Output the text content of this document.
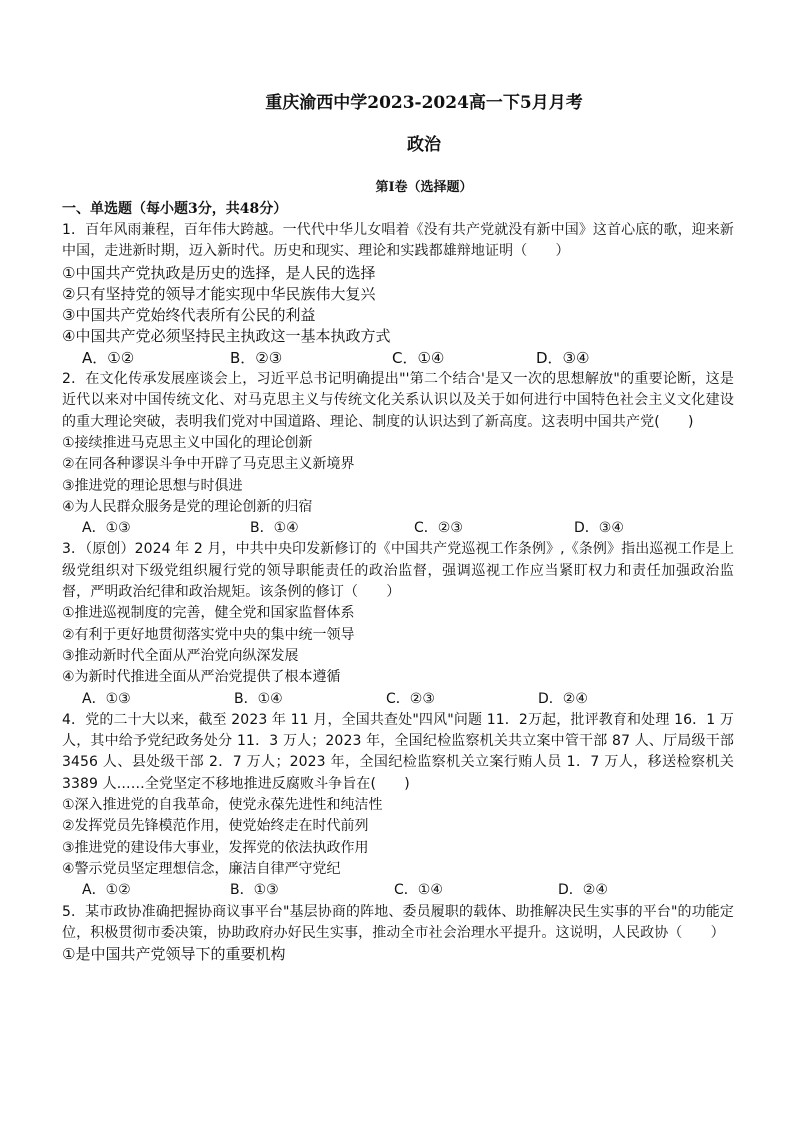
重庆渝西中学2023-2024高一下5月月考
政治
第Ⅰ卷（选择题）
一、单选题（每小题3分，共48分）
1．百年风雨兼程，百年伟大跨越。一代代中华儿女唱着《没有共产党就没有新中国》这首心底的歌，迎来新中国，走进新时期，迈入新时代。历史和现实、理论和实践都雄辩地证明（　　）
①中国共产党执政是历史的选择，是人民的选择
②只有坚持党的领导才能实现中华民族伟大复兴
③中国共产党始终代表所有公民的利益
④中国共产党必须坚持民主执政这一基本执政方式
A．①②	B．②③	C．①④	D．③④
2．在文化传承发展座谈会上，习近平总书记明确提出"'第二个结合'是又一次的思想解放"的重要论断，这是近代以来对中国传统文化、对马克思主义与传统文化关系认识以及关于如何进行中国特色社会主义文化建设的重大理论突破，表明我们党对中国道路、理论、制度的认识达到了新高度。这表明中国共产党(　　)
①接续推进马克思主义中国化的理论创新
②在同各种谬误斗争中开辟了马克思主义新境界
③推进党的理论思想与时俱进
④为人民群众服务是党的理论创新的归宿
A．①③	B．①④	C．②③	D．③④
3．（原创）2024 年 2 月，中共中央印发新修订的《中国共产党巡视工作条例》,《条例》指出巡视工作是上级党组织对下级党组织履行党的领导职能责任的政治监督，强调巡视工作应当紧盯权力和责任加强政治监督，严明政治纪律和政治规矩。该条例的修订（　　）
①推进巡视制度的完善，健全党和国家监督体系
②有利于更好地贯彻落实党中央的集中统一领导
③推动新时代全面从严治党向纵深发展
④为新时代推进全面从严治党提供了根本遵循
A．①③	B．①④	C．②③	D．②④
4．党的二十大以来，截至 2023 年 11 月，全国共查处"四风"问题 11．2万起，批评教育和处理 16．1 万人，其中给予党纪政务处分 11．3 万人；2023 年，全国纪检监察机关共立案中管干部 87 人、厅局级干部 3456 人、县处级干部 2．7 万人；2023 年，全国纪检监察机关立案行贿人员 1．7 万人，移送检察机关 3389 人……全党坚定不移地推进反腐败斗争旨在(　　)
①深入推进党的自我革命，使党永葆先进性和纯洁性
②发挥党员先锋模范作用，使党始终走在时代前列
③推进党的建设伟大事业，发挥党的依法执政作用
④警示党员坚定理想信念，廉洁自律严守党纪
A．①②	B．①③	C．①④	D．②④
5．某市政协准确把握协商议事平台"基层协商的阵地、委员履职的载体、助推解决民生实事的平台"的功能定位，积极贯彻市委决策，协助政府办好民生实事，推动全市社会治理水平提升。这说明，人民政协（　　）
①是中国共产党领导下的重要机构
